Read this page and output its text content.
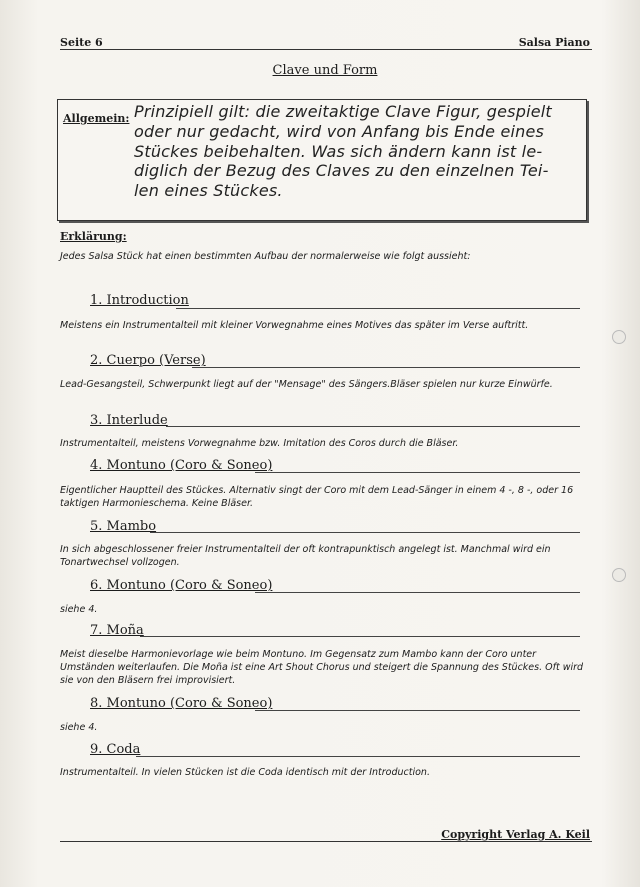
Seite 6	Salsa Piano
Clave und Form
Allgemein: Prinzipiell gilt: die zweitaktige Clave Figur, gespielt
oder nur gedacht, wird von Anfang bis Ende eines
Stückes beibehalten. Was sich ändern kann ist le-
diglich der Bezug des Claves zu den einzelnen Tei-
len eines Stückes.
Erklärung:
Jedes Salsa Stück hat einen bestimmten Aufbau der normalerweise wie folgt aussieht:
1. Introduction
Meistens ein Instrumentalteil mit kleiner Vorwegnahme eines Motives das später im Verse auftritt.
2. Cuerpo (Verse)
Lead-Gesangsteil, Schwerpunkt liegt auf der "Mensage" des Sängers.Bläser spielen nur kurze Einwürfe.
3. Interlude
Instrumentalteil, meistens Vorwegnahme bzw. Imitation des Coros durch die Bläser.
4. Montuno (Coro & Soneo)
Eigentlicher Hauptteil des Stückes. Alternativ singt der Coro mit dem Lead-Sänger in einem 4 -, 8 -, oder 16 taktigen Harmonieschema. Keine Bläser.
5. Mambo
In sich abgeschlossener freier Instrumentalteil der oft kontrapunktisch angelegt ist. Manchmal wird ein Tonartwechsel vollzogen.
6. Montuno (Coro & Soneo)
siehe 4.
7. Moña
Meist dieselbe Harmonievorlage wie beim Montuno. Im Gegensatz zum Mambo kann der Coro unter Umständen weiterlaufen. Die Moña ist eine Art Shout Chorus und steigert die Spannung des Stückes. Oft wird sie von den Bläsern frei improvisiert.
8. Montuno (Coro & Soneo)
siehe 4.
9. Coda
Instrumentalteil. In vielen Stücken ist die Coda identisch mit der Introduction.
Copyright Verlag A. Keil
